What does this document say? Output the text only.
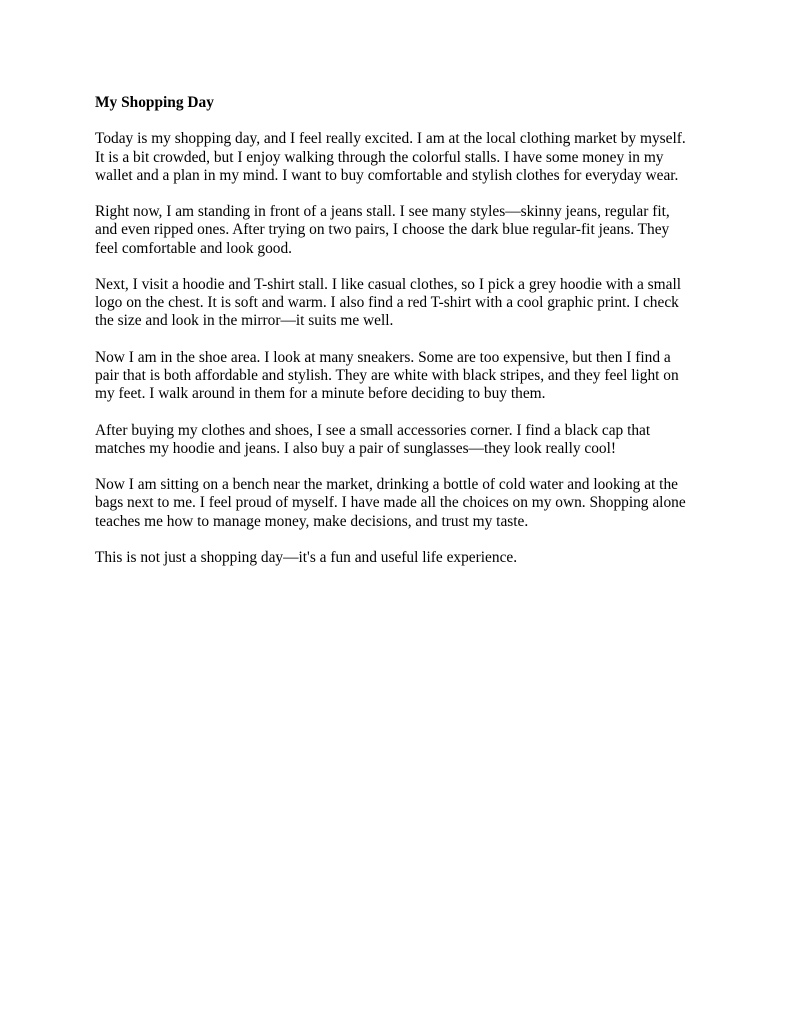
My Shopping Day

Today is my shopping day, and I feel really excited. I am at the local clothing market by myself.
It is a bit crowded, but I enjoy walking through the colorful stalls. I have some money in my
wallet and a plan in my mind. I want to buy comfortable and stylish clothes for everyday wear.

Right now, I am standing in front of a jeans stall. I see many styles—skinny jeans, regular fit,
and even ripped ones. After trying on two pairs, I choose the dark blue regular-fit jeans. They
feel comfortable and look good.

Next, I visit a hoodie and T-shirt stall. I like casual clothes, so I pick a grey hoodie with a small
logo on the chest. It is soft and warm. I also find a red T-shirt with a cool graphic print. I check
the size and look in the mirror—it suits me well.

Now I am in the shoe area. I look at many sneakers. Some are too expensive, but then I find a
pair that is both affordable and stylish. They are white with black stripes, and they feel light on
my feet. I walk around in them for a minute before deciding to buy them.

After buying my clothes and shoes, I see a small accessories corner. I find a black cap that
matches my hoodie and jeans. I also buy a pair of sunglasses—they look really cool!

Now I am sitting on a bench near the market, drinking a bottle of cold water and looking at the
bags next to me. I feel proud of myself. I have made all the choices on my own. Shopping alone
teaches me how to manage money, make decisions, and trust my taste.

This is not just a shopping day—it's a fun and useful life experience.
